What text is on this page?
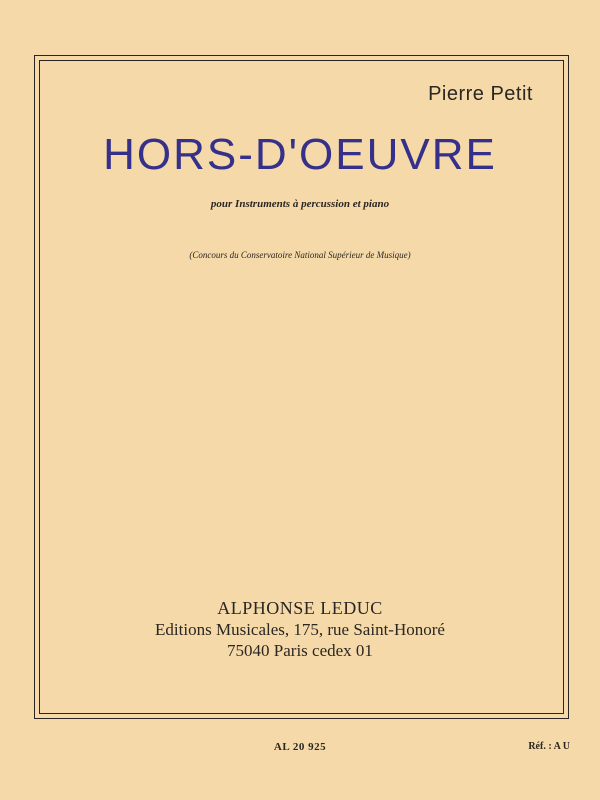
Pierre Petit
HORS-D'OEUVRE
pour Instruments à percussion et piano
(Concours du Conservatoire National Supérieur de Musique)
ALPHONSE LEDUC
Editions Musicales, 175, rue Saint-Honoré
75040 Paris cedex 01
AL 20 925	Réf. : A U
